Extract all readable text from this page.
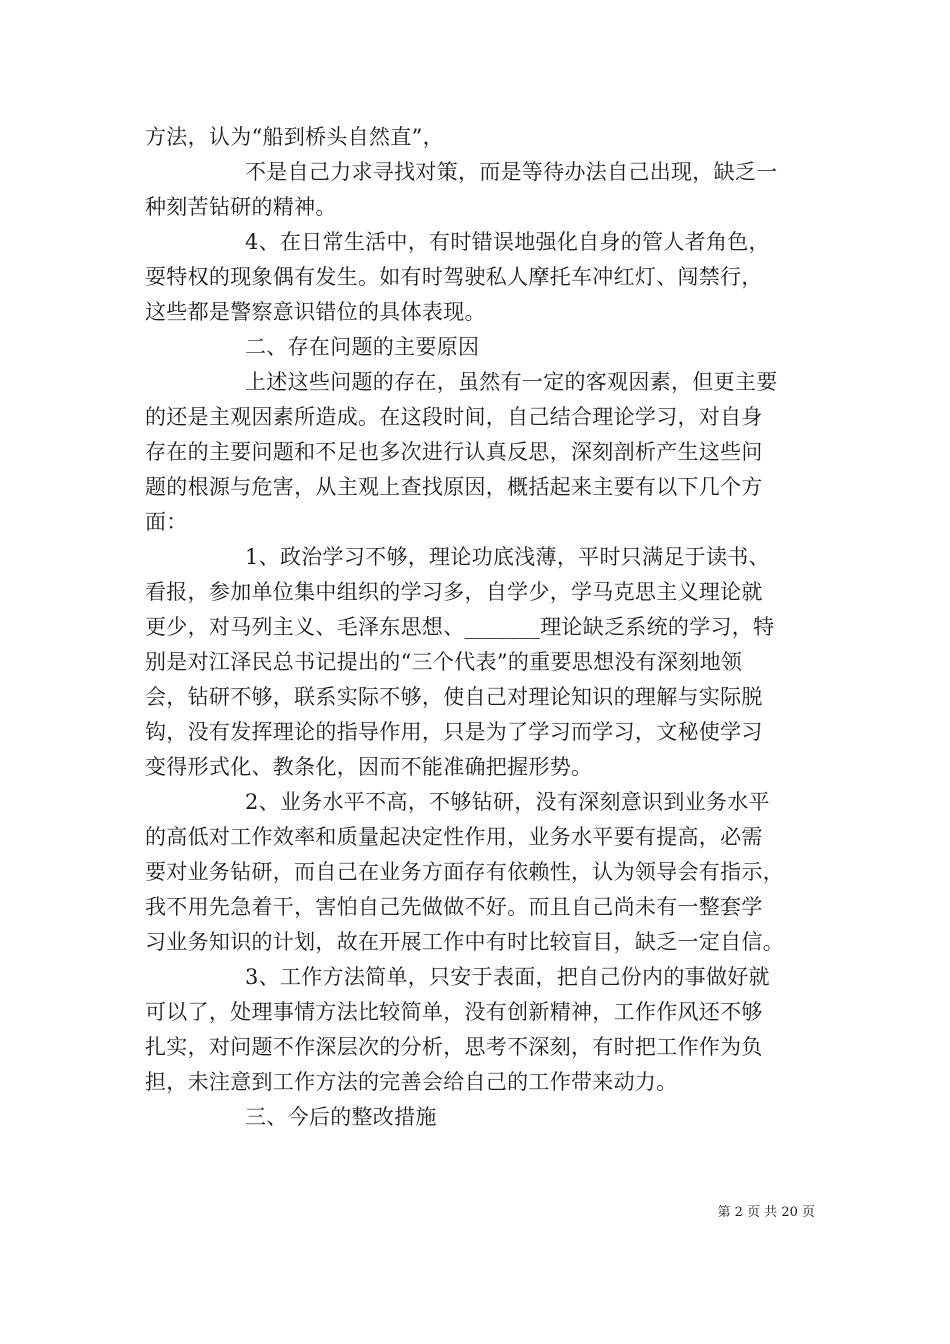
方法，认为“船到桥头自然直”，
不是自己力求寻找对策，而是等待办法自己出现，缺乏一
种刻苦钻研的精神。
4、在日常生活中，有时错误地强化自身的管人者角色，
耍特权的现象偶有发生。如有时驾驶私人摩托车冲红灯、闯禁行，
这些都是警察意识错位的具体表现。
二、存在问题的主要原因
上述这些问题的存在，虽然有一定的客观因素，但更主要
的还是主观因素所造成。在这段时间，自己结合理论学习，对自身
存在的主要问题和不足也多次进行认真反思，深刻剖析产生这些问
题的根源与危害，从主观上查找原因，概括起来主要有以下几个方
面：
1、政治学习不够，理论功底浅薄，平时只满足于读书、
看报，参加单位集中组织的学习多，自学少，学马克思主义理论就
更少，对马列主义、毛泽东思想、_______理论缺乏系统的学习，特
别是对江泽民总书记提出的“三个代表”的重要思想没有深刻地领
会，钻研不够，联系实际不够，使自己对理论知识的理解与实际脱
钩，没有发挥理论的指导作用，只是为了学习而学习，文秘使学习
变得形式化、教条化，因而不能准确把握形势。
2、业务水平不高，不够钻研，没有深刻意识到业务水平
的高低对工作效率和质量起决定性作用，业务水平要有提高，必需
要对业务钻研，而自己在业务方面存有依赖性，认为领导会有指示，
我不用先急着干，害怕自己先做做不好。而且自己尚未有一整套学
习业务知识的计划，故在开展工作中有时比较盲目，缺乏一定自信。
3、工作方法简单，只安于表面，把自己份内的事做好就
可以了，处理事情方法比较简单，没有创新精神，工作作风还不够
扎实，对问题不作深层次的分析，思考不深刻，有时把工作作为负
担，未注意到工作方法的完善会给自己的工作带来动力。
三、今后的整改措施
第 2 页 共 20 页
